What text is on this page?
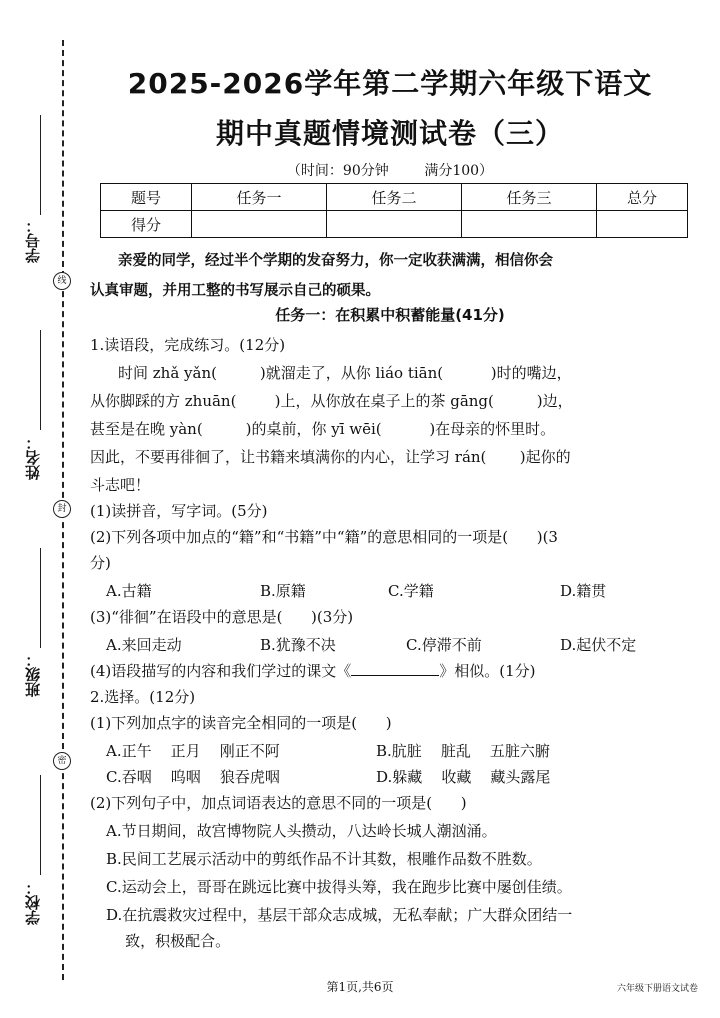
线
封
密
学号：
姓名：
班级：
学校：
2025-2026学年第二学期六年级下语文
期中真题情境测试卷（三）
（时间：90分钟        满分100）
题号	任务一	任务二	任务三	总分
得分				
亲爱的同学，经过半个学期的发奋努力，你一定收获满满，相信你会
认真审题，并用工整的书写展示自己的硕果。
任务一：在积累中积蓄能量(41分)
1.读语段，完成练习。(12分)
时间 zhǎ yǎn(         )就溜走了，从你 liáo tiān(          )时的嘴边，
从你脚踩的方 zhuān(        )上，从你放在桌子上的茶 gāng(         )边，
甚至是在晚 yàn(         )的桌前，你 yī wēi(          )在母亲的怀里时。
因此，不要再徘徊了，让书籍来填满你的内心，让学习 rán(       )起你的
斗志吧！
(1)读拼音，写字词。(5分)
(2)下列各项中加点的“籍”和“书籍”中“籍”的意思相同的一项是(      )(3
分)
A.古籍	B.原籍	C.学籍	D.籍贯
(3)“徘徊”在语段中的意思是(      )(3分)
A.来回走动	B.犹豫不决	C.停滞不前	D.起伏不定
(4)语段描写的内容和我们学过的课文《	》相似。(1分)
2.选择。(12分)
(1)下列加点字的读音完全相同的一项是(      )
A.正午    正月    刚正不阿	B.肮脏    脏乱    五脏六腑
C.吞咽    呜咽    狼吞虎咽	D.躲藏    收藏    藏头露尾
(2)下列句子中，加点词语表达的意思不同的一项是(      )
A.节日期间，故宫博物院人头攒动，八达岭长城人潮汹涌。
B.民间工艺展示活动中的剪纸作品不计其数，根雕作品数不胜数。
C.运动会上，哥哥在跳远比赛中拔得头筹，我在跑步比赛中屡创佳绩。
D.在抗震救灾过程中，基层干部众志成城，无私奉献；广大群众团结一
致，积极配合。
第1页,共6页	六年级下册语文试卷
